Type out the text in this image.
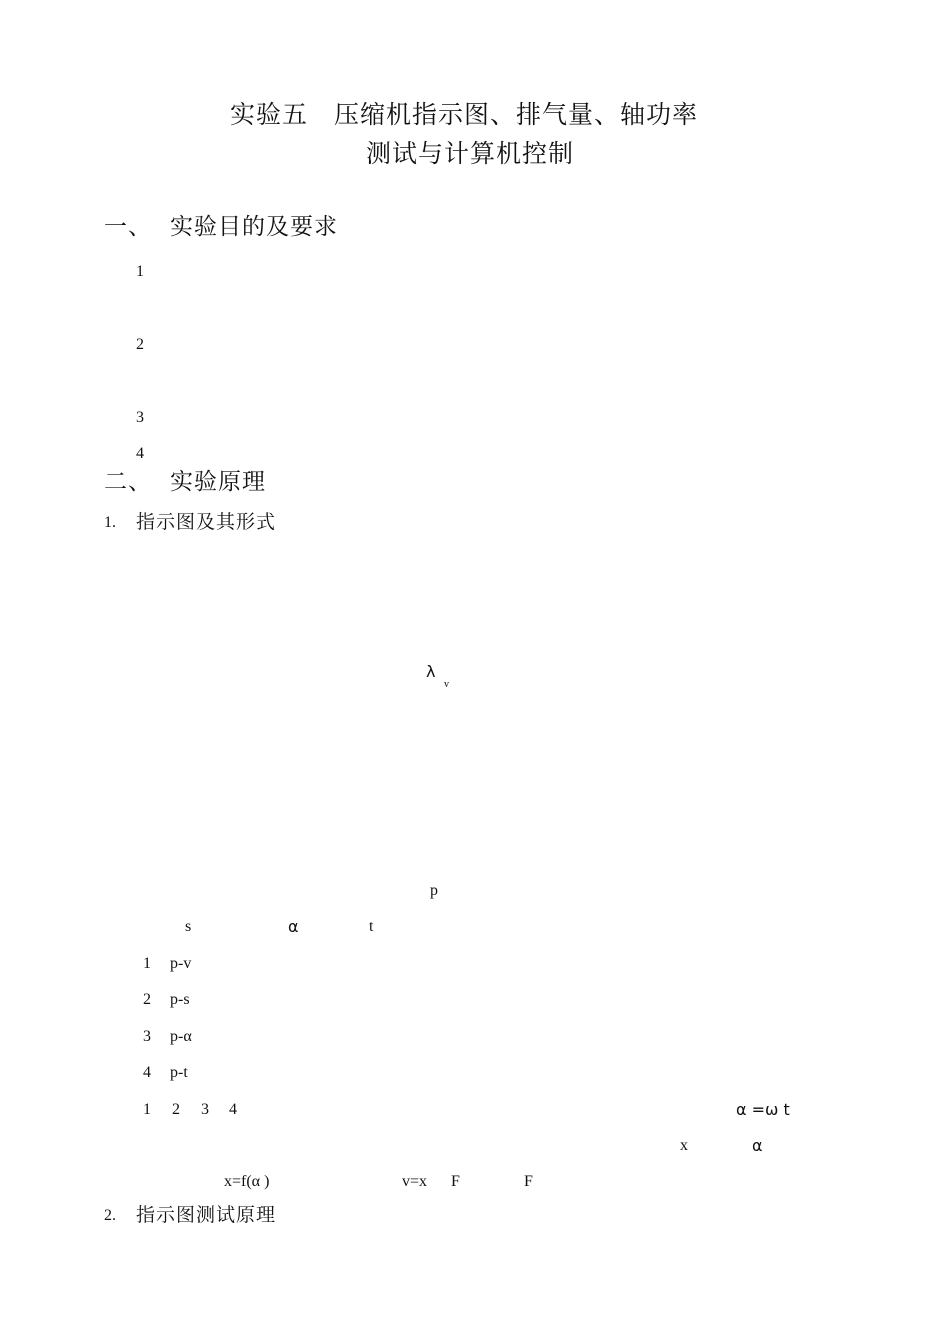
实验五　压缩机指示图、排气量、轴功率
测试与计算机控制
一、 实验目的及要求
1
2
3
4
二、 实验原理
1. 指示图及其形式
λ
v
p
s	α	t
1 p-v
2 p-s
3 p-α
4 p-t
1 2 3 4	α =ω t
x	α
x=f(α )	v=x F	F
2. 指示图测试原理
